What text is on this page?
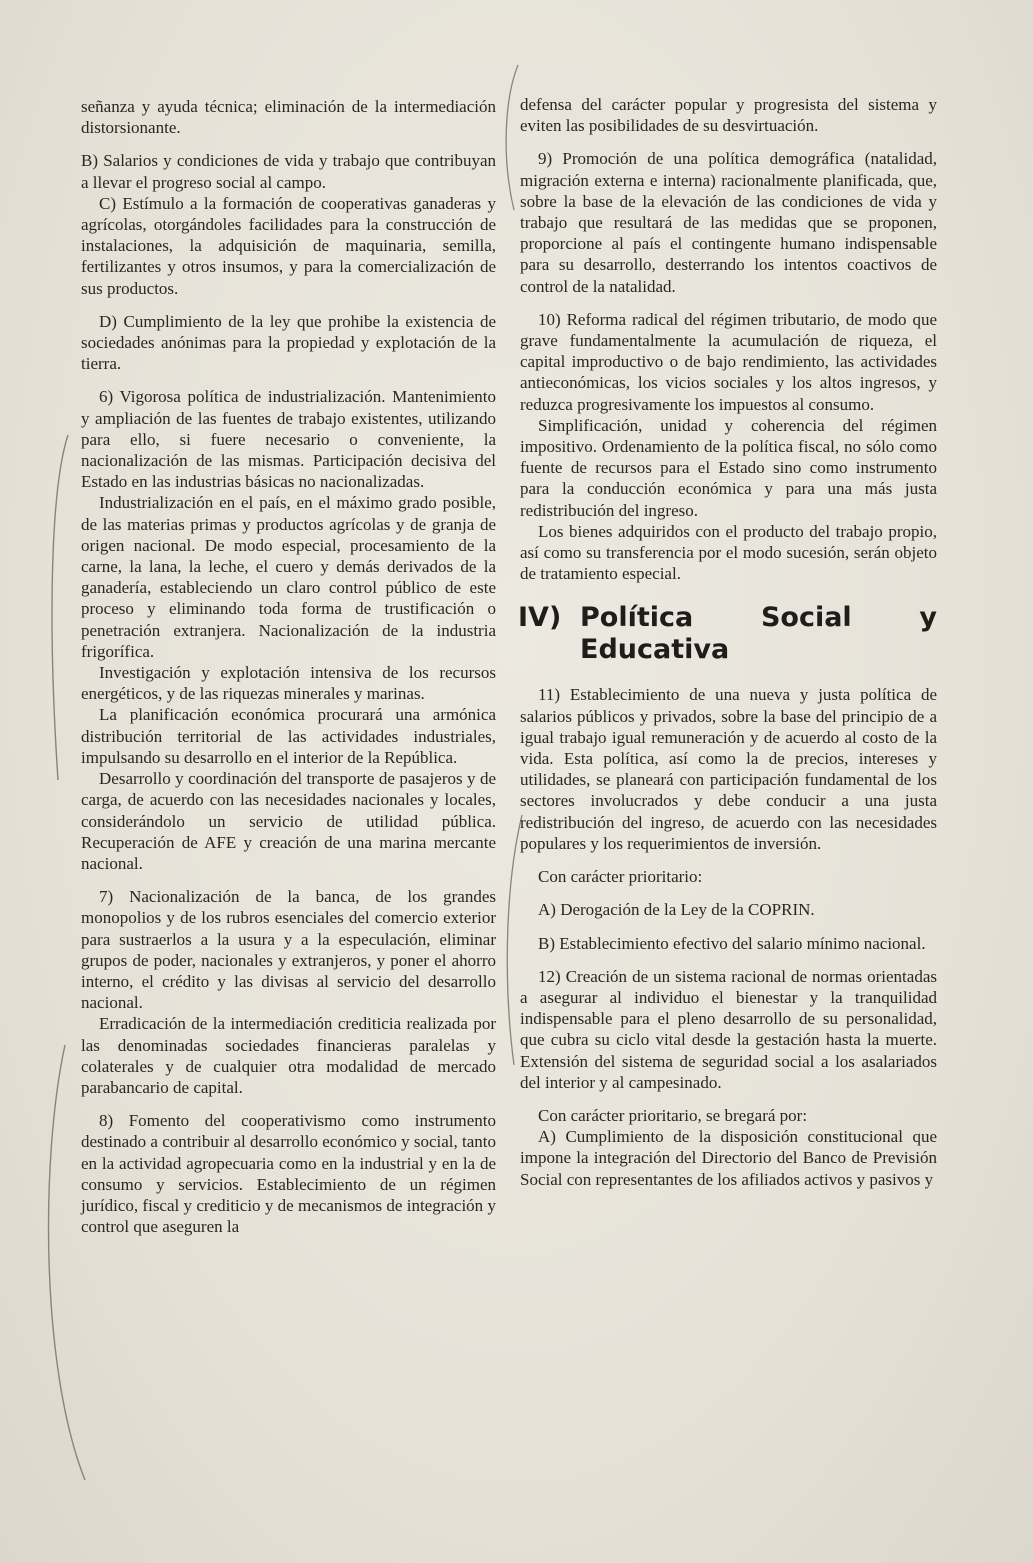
señanza y ayuda técnica; eliminación de la intermediación distorsionante.

B) Salarios y condiciones de vida y trabajo que contribuyan a llevar el progreso social al campo.

C) Estímulo a la formación de cooperativas ganaderas y agrícolas, otorgándoles facilidades para la construcción de instalaciones, la adquisición de maquinaria, semilla, fertilizantes y otros insumos, y para la comercialización de sus productos.

D) Cumplimiento de la ley que prohibe la existencia de sociedades anónimas para la propiedad y explotación de la tierra.

6) Vigorosa política de industrialización. Mantenimiento y ampliación de las fuentes de trabajo existentes, utilizando para ello, si fuere necesario o conveniente, la nacionalización de las mismas. Participación decisiva del Estado en las industrias básicas no nacionalizadas.

Industrialización en el país, en el máximo grado posible, de las materias primas y productos agrícolas y de granja de origen nacional. De modo especial, procesamiento de la carne, la lana, la leche, el cuero y demás derivados de la ganadería, estableciendo un claro control público de este proceso y eliminando toda forma de trustificación o penetración extranjera. Nacionalización de la industria frigorífica.

Investigación y explotación intensiva de los recursos energéticos, y de las riquezas minerales y marinas.

La planificación económica procurará una armónica distribución territorial de las actividades industriales, impulsando su desarrollo en el interior de la República.

Desarrollo y coordinación del transporte de pasajeros y de carga, de acuerdo con las necesidades nacionales y locales, considerándolo un servicio de utilidad pública. Recuperación de AFE y creación de una marina mercante nacional.

7) Nacionalización de la banca, de los grandes monopolios y de los rubros esenciales del comercio exterior para sustraerlos a la usura y a la especulación, eliminar grupos de poder, nacionales y extranjeros, y poner el ahorro interno, el crédito y las divisas al servicio del desarrollo nacional.

Erradicación de la intermediación crediticia realizada por las denominadas sociedades financieras paralelas y colaterales y de cualquier otra modalidad de mercado parabancario de capital.

8) Fomento del cooperativismo como instrumento destinado a contribuir al desarrollo económico y social, tanto en la actividad agropecuaria como en la industrial y en la de consumo y servicios. Establecimiento de un régimen jurídico, fiscal y crediticio y de mecanismos de integración y control que aseguren la

defensa del carácter popular y progresista del sistema y eviten las posibilidades de su desvirtuación.

9) Promoción de una política demográfica (natalidad, migración externa e interna) racionalmente planificada, que, sobre la base de la elevación de las condiciones de vida y trabajo que resultará de las medidas que se proponen, proporcione al país el contingente humano indispensable para su desarrollo, desterrando los intentos coactivos de control de la natalidad.

10) Reforma radical del régimen tributario, de modo que grave fundamentalmente la acumulación de riqueza, el capital improductivo o de bajo rendimiento, las actividades antieconómicas, los vicios sociales y los altos ingresos, y reduzca progresivamente los impuestos al consumo.

Simplificación, unidad y coherencia del régimen impositivo. Ordenamiento de la política fiscal, no sólo como fuente de recursos para el Estado sino como instrumento para la conducción económica y para una más justa redistribución del ingreso.

Los bienes adquiridos con el producto del trabajo propio, así como su transferencia por el modo sucesión, serán objeto de tratamiento especial.

IV) Política Social y Educativa

11) Establecimiento de una nueva y justa política de salarios públicos y privados, sobre la base del principio de a igual trabajo igual remuneración y de acuerdo al costo de la vida. Esta política, así como la de precios, intereses y utilidades, se planeará con participación fundamental de los sectores involucrados y debe conducir a una justa redistribución del ingreso, de acuerdo con las necesidades populares y los requerimientos de inversión.

Con carácter prioritario:

A) Derogación de la Ley de la COPRIN.

B) Establecimiento efectivo del salario mínimo nacional.

12) Creación de un sistema racional de normas orientadas a asegurar al individuo el bienestar y la tranquilidad indispensable para el pleno desarrollo de su personalidad, que cubra su ciclo vital desde la gestación hasta la muerte. Extensión del sistema de seguridad social a los asalariados del interior y al campesinado.

Con carácter prioritario, se bregará por:

A) Cumplimiento de la disposición constitucional que impone la integración del Directorio del Banco de Previsión Social con representantes de los afiliados activos y pasivos y
